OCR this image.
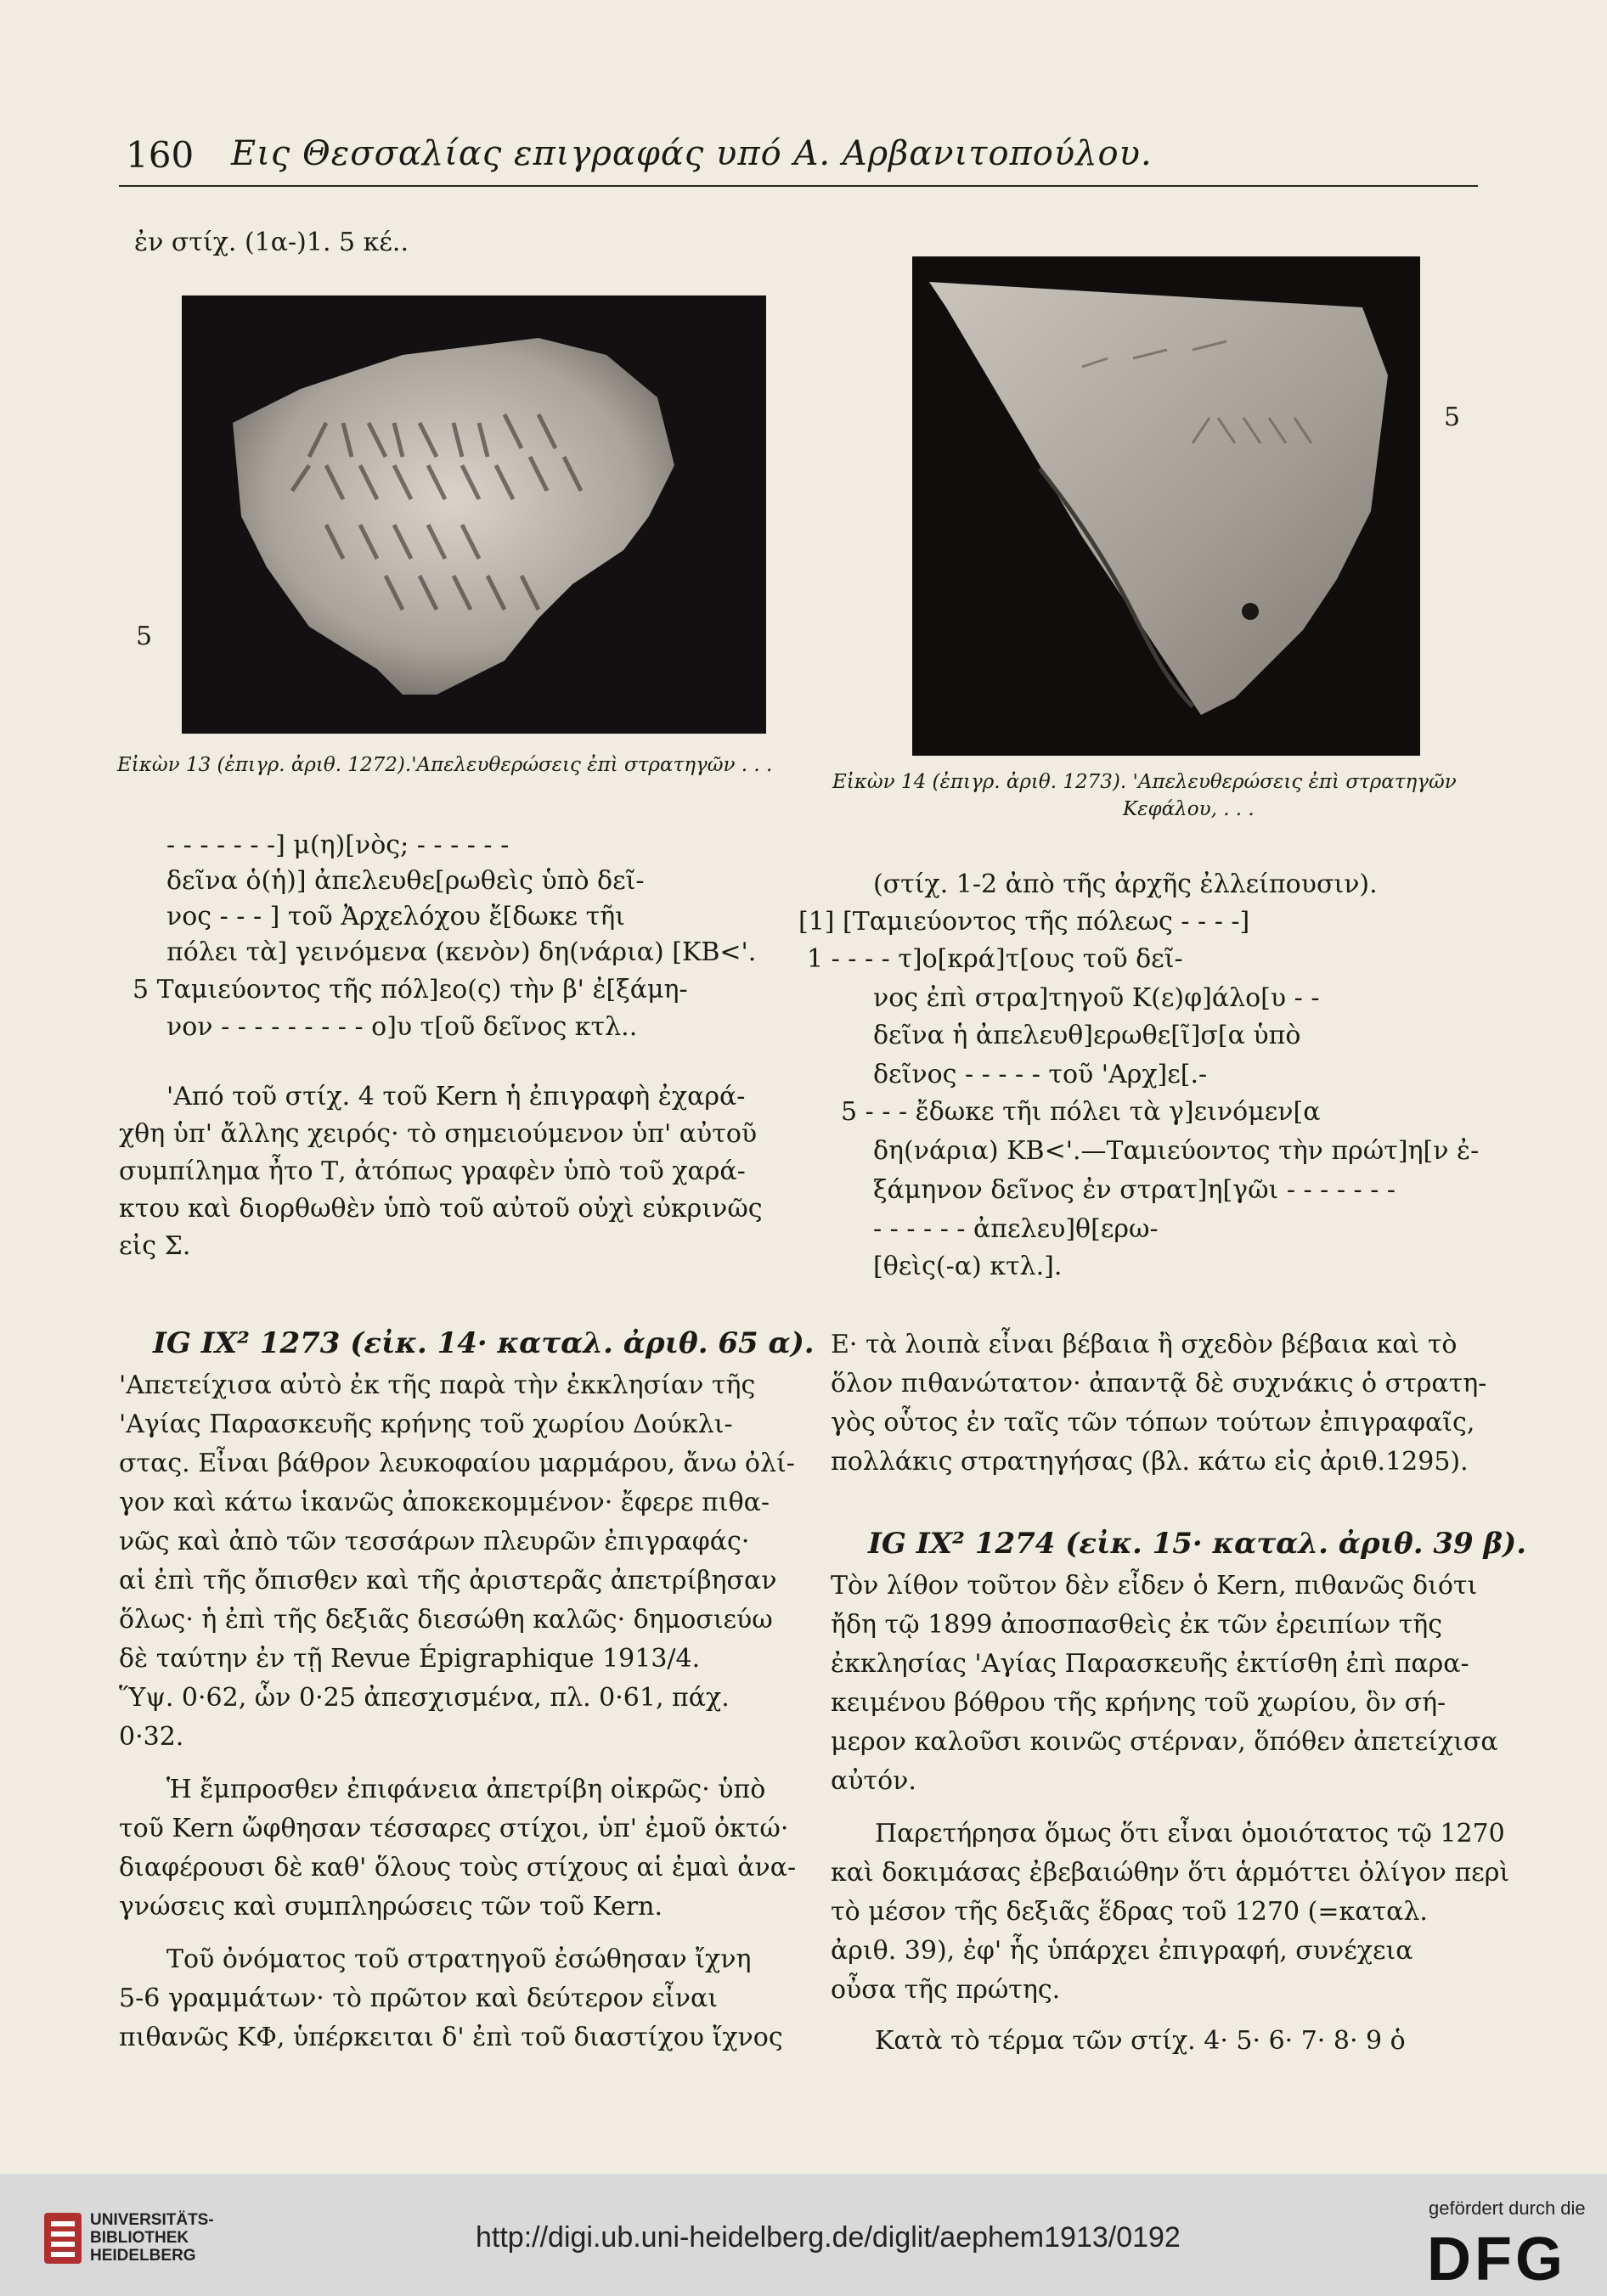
160 Εις Θεσσαλίας επιγραφάς υπό Α. Αρβανιτοπούλου.
ἐν στίχ. (1α-)1. 5 κέ..
5
Εἰκὼν 13 (ἐπιγρ. ἀριθ. 1272).'Απελευθερώσεις ἐπὶ στρατηγῶν . . .
5
Εἰκὼν 14 (ἐπιγρ. ἀριθ. 1273). 'Απελευθερώσεις ἐπὶ στρατηγῶν
Κεφάλου, . . .
- - - - - - -] μ(η)[νὸς; - - - - - -
δεῖνα ὁ(ἡ)] ἀπελευθε[ρωθεὶς ὑπὸ δεῖ-
νος - - - ] τοῦ Ἀρχελόχου ἔ[δωκε τῆι
πόλει τὰ] γεινόμενα (κενὸν) δη(νάρια) [ΚΒ<'.
5 Ταμιεύοντος τῆς πόλ]εο(ς) τὴν β' ἐ[ξάμη-
νον - - - - - - - - - ο]υ τ[οῦ δεῖνος κτλ..
'Από τοῦ στίχ. 4 τοῦ Kern ἡ ἐπιγραφὴ ἐχαρά-
χθη ὑπ' ἄλλης χειρός· τὸ σημειούμενον ὑπ' αὐτοῦ
συμπίλημα ἦτο Τ, ἀτόπως γραφὲν ὑπὸ τοῦ χαρά-
κτου καὶ διορθωθὲν ὑπὸ τοῦ αὐτοῦ οὐχὶ εὐκρινῶς
εἰς Σ.
IG IX² 1273 (εἰκ. 14· καταλ. ἀριθ. 65 α).
'Απετείχισα αὐτὸ ἐκ τῆς παρὰ τὴν ἐκκλησίαν τῆς
'Αγίας Παρασκευῆς κρήνης τοῦ χωρίου Δούκλι-
στας. Εἶναι βάθρον λευκοφαίου μαρμάρου, ἄνω ὀλί-
γον καὶ κάτω ἱκανῶς ἀποκεκομμένον· ἔφερε πιθα-
νῶς καὶ ἀπὸ τῶν τεσσάρων πλευρῶν ἐπιγραφάς·
αἱ ἐπὶ τῆς ὄπισθεν καὶ τῆς ἀριστερᾶς ἀπετρίβησαν
ὅλως· ἡ ἐπὶ τῆς δεξιᾶς διεσώθη καλῶς· δημοσιεύω
δὲ ταύτην ἐν τῇ Revue Épigraphique 1913/4.
Ὕψ. 0·62, ὧν 0·25 ἀπεσχισμένα, πλ. 0·61, πάχ.
0·32.
Ἡ ἔμπροσθεν ἐπιφάνεια ἀπετρίβη οἰκρῶς· ὑπὸ
τοῦ Kern ὤφθησαν τέσσαρες στίχοι, ὑπ' ἐμοῦ ὀκτώ·
διαφέρουσι δὲ καθ' ὅλους τοὺς στίχους αἱ ἐμαὶ ἀνα-
γνώσεις καὶ συμπληρώσεις τῶν τοῦ Kern.
Τοῦ ὀνόματος τοῦ στρατηγοῦ ἐσώθησαν ἴχνη
5-6 γραμμάτων· τὸ πρῶτον καὶ δεύτερον εἶναι
πιθανῶς ΚΦ, ὑπέρκειται δ' ἐπὶ τοῦ διαστίχου ἴχνος
(στίχ. 1-2 ἀπὸ τῆς ἀρχῆς ἐλλείπουσιν).
[1] [Ταμιεύοντος τῆς πόλεως - - - -]
1 - - - - τ]ο[κρά]τ[ους τοῦ δεῖ-
νος ἐπὶ στρα]τηγοῦ Κ(ε)φ]άλο[υ - -
δεῖνα ἡ ἀπελευθ]ερωθε[ῖ]σ[α ὑπὸ
δεῖνος - - - - - τοῦ 'Αρχ]ε[.-
5 - - - ἔδωκε τῆι πόλει τὰ γ]εινόμεν[α
δη(νάρια) ΚΒ<'.—Ταμιεύοντος τὴν πρώτ]η[ν ἐ-
ξάμηνον δεῖνος ἐν στρατ]η[γῶι - - - - - - -
- - - - - - ἀπελευ]θ[ερω-
[θεὶς(-α) κτλ.].
Ε· τὰ λοιπὰ εἶναι βέβαια ἢ σχεδὸν βέβαια καὶ τὸ
ὅλον πιθανώτατον· ἀπαντᾷ δὲ συχνάκις ὁ στρατη-
γὸς οὗτος ἐν ταῖς τῶν τόπων τούτων ἐπιγραφαῖς,
πολλάκις στρατηγήσας (βλ. κάτω εἰς ἀριθ.1295).
IG IX² 1274 (εἰκ. 15· καταλ. ἀριθ. 39 β).
Τὸν λίθον τοῦτον δὲν εἶδεν ὁ Kern, πιθανῶς διότι
ἤδη τῷ 1899 ἀποσπασθεὶς ἐκ τῶν ἐρειπίων τῆς
ἐκκλησίας 'Αγίας Παρασκευῆς ἐκτίσθη ἐπὶ παρα-
κειμένου βόθρου τῆς κρήνης τοῦ χωρίου, ὃν σή-
μερον καλοῦσι κοινῶς στέρναν, ὅπόθεν ἀπετείχισα
αὐτόν.
Παρετήρησα ὅμως ὅτι εἶναι ὁμοιότατος τῷ 1270
καὶ δοκιμάσας ἐβεβαιώθην ὅτι ἁρμόττει ὀλίγον περὶ
τὸ μέσον τῆς δεξιᾶς ἕδρας τοῦ 1270 (=καταλ.
ἀριθ. 39), ἐφ' ἧς ὑπάρχει ἐπιγραφή, συνέχεια
οὖσα τῆς πρώτης.
Κατὰ τὸ τέρμα τῶν στίχ. 4· 5· 6· 7· 8· 9 ὁ
UNIVERSITÄTS-
BIBLIOTHEK
HEIDELBERG
http://digi.ub.uni-heidelberg.de/diglit/aephem1913/0192
gefördert durch die
DFG
